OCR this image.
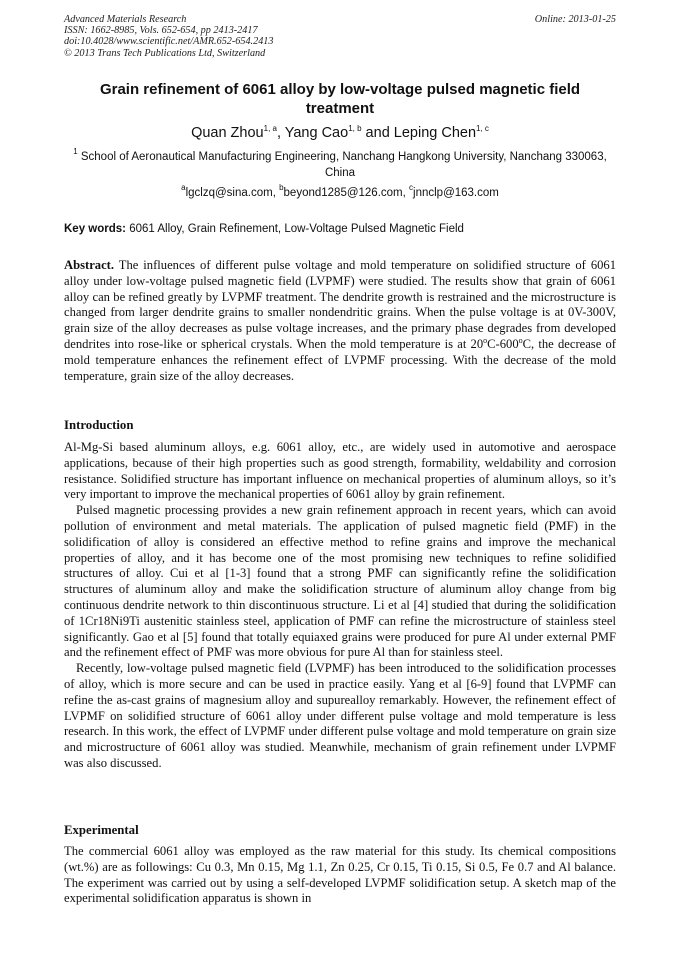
Advanced Materials Research
ISSN: 1662-8985, Vols. 652-654, pp 2413-2417
doi:10.4028/www.scientific.net/AMR.652-654.2413
© 2013 Trans Tech Publications Ltd, Switzerland
Online: 2013-01-25
Grain refinement of 6061 alloy by low-voltage pulsed magnetic field treatment
Quan Zhou$^{1, a}$, Yang Cao$^{1, b}$ and Leping Chen$^{1, c}$
$^1$ School of Aeronautical Manufacturing Engineering, Nanchang Hangkong University, Nanchang 330063, China
$^a$lgclzq@sina.com, $^b$beyond1285@126.com, $^c$jnnclp@163.com
Key words: 6061 Alloy, Grain Refinement, Low-Voltage Pulsed Magnetic Field

Abstract. The influences of different pulse voltage and mold temperature on solidified structure of 6061 alloy under low-voltage pulsed magnetic field (LVPMF) were studied. The results show that grain of 6061 alloy can be refined greatly by LVPMF treatment. The dendrite growth is restrained and the microstructure is changed from larger dendrite grains to smaller nondendritic grains. When the pulse voltage is at 0V-300V, grain size of the alloy decreases as pulse voltage increases, and the primary phase degrades from developed dendrites into rose-like or spherical crystals. When the mold temperature is at 20$^o$C-600$^o$C, the decrease of mold temperature enhances the refinement effect of LVPMF processing. With the decrease of the mold temperature, grain size of the alloy decreases.

Introduction

Al-Mg-Si based aluminum alloys, e.g. 6061 alloy, etc., are widely used in automotive and aerospace applications, because of their high properties such as good strength, formability, weldability and corrosion resistance. Solidified structure has important influence on mechanical properties of aluminum alloys, so it’s very important to improve the mechanical properties of 6061 alloy by grain refinement.

Pulsed magnetic processing provides a new grain refinement approach in recent years, which can avoid pollution of environment and metal materials. The application of pulsed magnetic field (PMF) in the solidification of alloy is considered an effective method to refine grains and improve the mechanical properties of alloy, and it has become one of the most promising new techniques to refine solidified structures of alloy. Cui et al [1-3] found that a strong PMF can significantly refine the solidification structures of aluminum alloy and make the solidification structure of aluminum alloy change from big continuous dendrite network to thin discontinuous structure. Li et al [4] studied that during the solidification of 1Cr18Ni9Ti austenitic stainless steel, application of PMF can refine the microstructure of stainless steel significantly. Gao et al [5] found that totally equiaxed grains were produced for pure Al under external PMF and the refinement effect of PMF was more obvious for pure Al than for stainless steel.

Recently, low-voltage pulsed magnetic field (LVPMF) has been introduced to the solidification processes of alloy, which is more secure and can be used in practice easily. Yang et al [6-9] found that LVPMF can refine the as-cast grains of magnesium alloy and supurealloy remarkably. However, the refinement effect of LVPMF on solidified structure of 6061 alloy under different pulse voltage and mold temperature is less research. In this work, the effect of LVPMF under different pulse voltage and mold temperature on grain size and microstructure of 6061 alloy was studied. Meanwhile, mechanism of grain refinement under LVPMF was also discussed.

Experimental

The commercial 6061 alloy was employed as the raw material for this study. Its chemical compositions (wt.%) are as followings: Cu 0.3, Mn 0.15, Mg 1.1, Zn 0.25, Cr 0.15, Ti 0.15, Si 0.5, Fe 0.7 and Al balance. The experiment was carried out by using a self-developed LVPMF solidification setup. A sketch map of the experimental solidification apparatus is shown in
